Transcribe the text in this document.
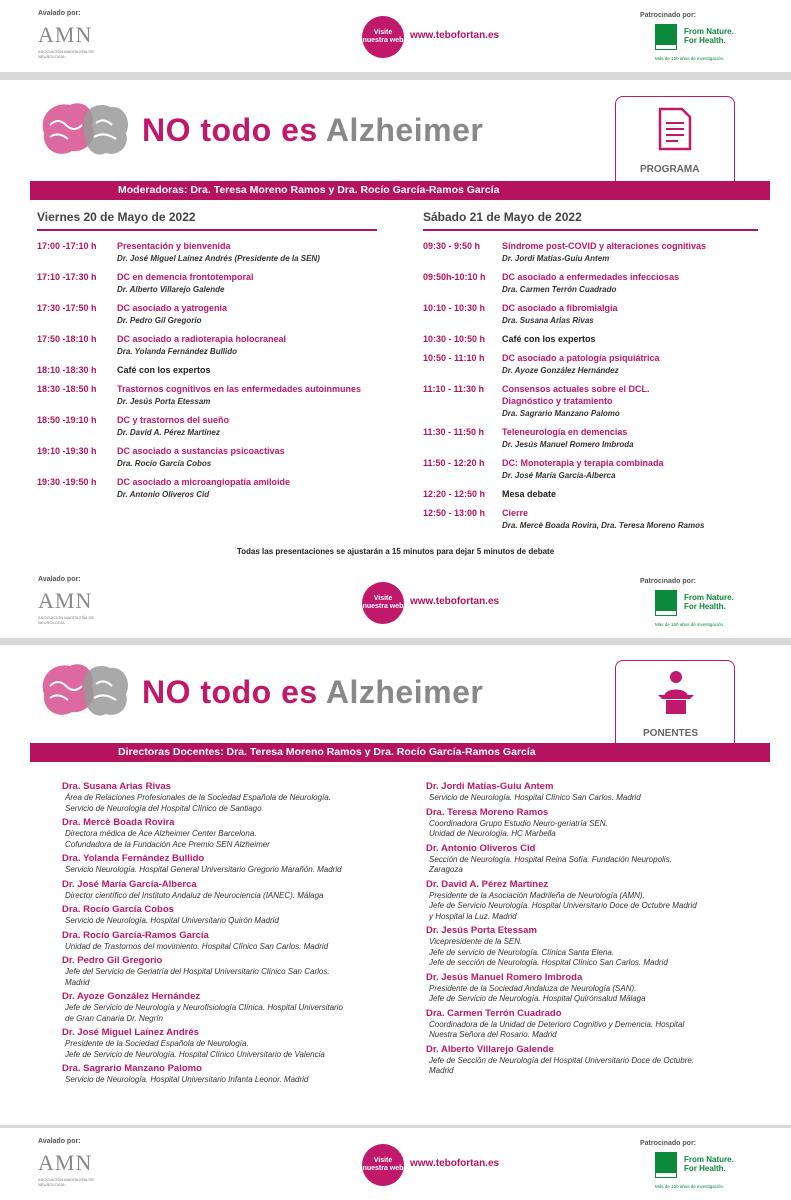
Avalado por:
AMN
ASOCIACIÓN MADRILEÑA DE NEUROLOGÍA
Visite nuestra web www.tebofortan.es
Patrocinado por:
From Nature.
For Health.
Más de 150 años de investigación.
NO todo es Alzheimer
PROGRAMA
Moderadoras: Dra. Teresa Moreno Ramos y Dra. Rocío García-Ramos García
Viernes 20 de Mayo de 2022	Sábado 21 de Mayo de 2022
17:00 -17:10 h Presentación y bienvenida
Dr. José Miguel Laínez Andrés (Presidente de la SEN)
17:10 -17:30 h DC en demencia frontotemporal
Dr. Alberto Villarejo Galende
17:30 -17:50 h DC asociado a yatrogenia
Dr. Pedro Gil Gregorio
17:50 -18:10 h DC asociado a radioterapia holocraneal
Dra. Yolanda Fernández Bullido
18:10 -18:30 h Café con los expertos
18:30 -18:50 h Trastornos cognitivos en las enfermedades autoinmunes
Dr. Jesús Porta Etessam
18:50 -19:10 h DC y trastornos del sueño
Dr. David A. Pérez Martínez
19:10 -19:30 h DC asociado a sustancias psicoactivas
Dra. Rocío García Cobos
19:30 -19:50 h DC asociado a microangiopatía amiloide
Dr. Antonio Oliveros Cid
09:30 - 9:50 h Síndrome post-COVID y alteraciones cognitivas
Dr. Jordi Matías-Guiu Antem
09:50h-10:10 h DC asociado a enfermedades infecciosas
Dra. Carmen Terrón Cuadrado
10:10 - 10:30 h DC asociado a fibromialgia
Dra. Susana Arias Rivas
10:30 - 10:50 h Café con los expertos
10:50 - 11:10 h DC asociado a patología psiquiátrica
Dr. Ayoze González Hernández
11:10 - 11:30 h Consensos actuales sobre el DCL.
Diagnóstico y tratamiento
Dra. Sagrario Manzano Palomo
11:30 - 11:50 h Teleneurología en demencias
Dr. Jesús Manuel Romero Imbroda
11:50 - 12:20 h DC: Monoterapia y terapia combinada
Dr. José María García-Alberca
12:20 - 12:50 h Mesa debate
12:50 - 13:00 h Cierre
Dra. Mercè Boada Rovira, Dra. Teresa Moreno Ramos
Todas las presentaciones se ajustarán a 15 minutos para dejar 5 minutos de debate
Avalado por:
AMN
ASOCIACIÓN MADRILEÑA DE NEUROLOGÍA
Visite nuestra web www.tebofortan.es
Patrocinado por:
From Nature.
For Health.
Más de 150 años de investigación.
NO todo es Alzheimer
PONENTES
Directoras Docentes: Dra. Teresa Moreno Ramos y Dra. Rocío García-Ramos García
Dra. Susana Arias Rivas
Área de Relaciones Profesionales de la Sociedad Española de Neurología.
Servicio de Neurología del Hospital Clínico de Santiago
Dra. Mercè Boada Rovira
Directora médica de Ace Alzheimer Center Barcelona.
Cofundadora de la Fundación Ace Premio SEN Alzheimer
Dra. Yolanda Fernández Bullido
Servicio Neurología. Hospital General Universitario Gregorio Marañón. Madrid
Dr. José María García-Alberca
Director científico del Instituto Andaluz de Neurociencia (IANEC). Málaga
Dra. Rocío García Cobos
Servicio de Neurología. Hospital Universitario Quirón Madrid
Dra. Rocío García-Ramos García
Unidad de Trastornos del movimiento. Hospital Clínico San Carlos. Madrid
Dr. Pedro Gil Gregorio
Jefe del Servicio de Geriatría del Hospital Universitario Clínico San Carlos.
Madrid
Dr. Ayoze González Hernández
Jefe de Servicio de Neurología y Neurofisiología Clínica. Hospital Universitario
de Gran Canaria Dr. Negrín
Dr. José Miguel Laínez Andrés
Presidente de la Sociedad Española de Neurología.
Jefe de Servicio de Neurología. Hospital Clínico Universitario de Valencia
Dra. Sagrario Manzano Palomo
Servicio de Neurología. Hospital Universitario Infanta Leonor. Madrid
Dr. Jordi Matías-Guiu Antem
Servicio de Neurología. Hospital Clínico San Carlos. Madrid
Dra. Teresa Moreno Ramos
Coordinadora Grupo Estudio Neuro-geriatría SEN.
Unidad de Neurología. HC Marbella
Dr. Antonio Oliveros Cid
Sección de Neurología. Hospital Reina Sofía. Fundación Neuropolis.
Zaragoza
Dr. David A. Pérez Martínez
Presidente de la Asociación Madrileña de Neurología (AMN).
Jefe de Servicio Neurología. Hospital Universitario Doce de Octubre Madrid
y Hospital la Luz. Madrid
Dr. Jesús Porta Etessam
Vicepresidente de la SEN.
Jefe de servicio de Neurología. Clínica Santa Elena.
Jefe de sección de Neurología. Hospital Clínico San Carlos. Madrid
Dr. Jesús Manuel Romero Imbroda
Presidente de la Sociedad Andaluza de Neurología (SAN).
Jefe de Servicio de Neurología. Hospital Quirónsalud Málaga
Dra. Carmen Terrón Cuadrado
Coordinadora de la Unidad de Deterioro Cognitivo y Demencia. Hospital
Nuestra Señora del Rosario. Madrid
Dr. Alberto Villarejo Galende
Jefe de Sección de Neurología del Hospital Universitario Doce de Octubre.
Madrid
Avalado por:
AMN
ASOCIACIÓN MADRILEÑA DE NEUROLOGÍA
Visite nuestra web www.tebofortan.es
Patrocinado por:
From Nature.
For Health.
Más de 150 años de investigación.
